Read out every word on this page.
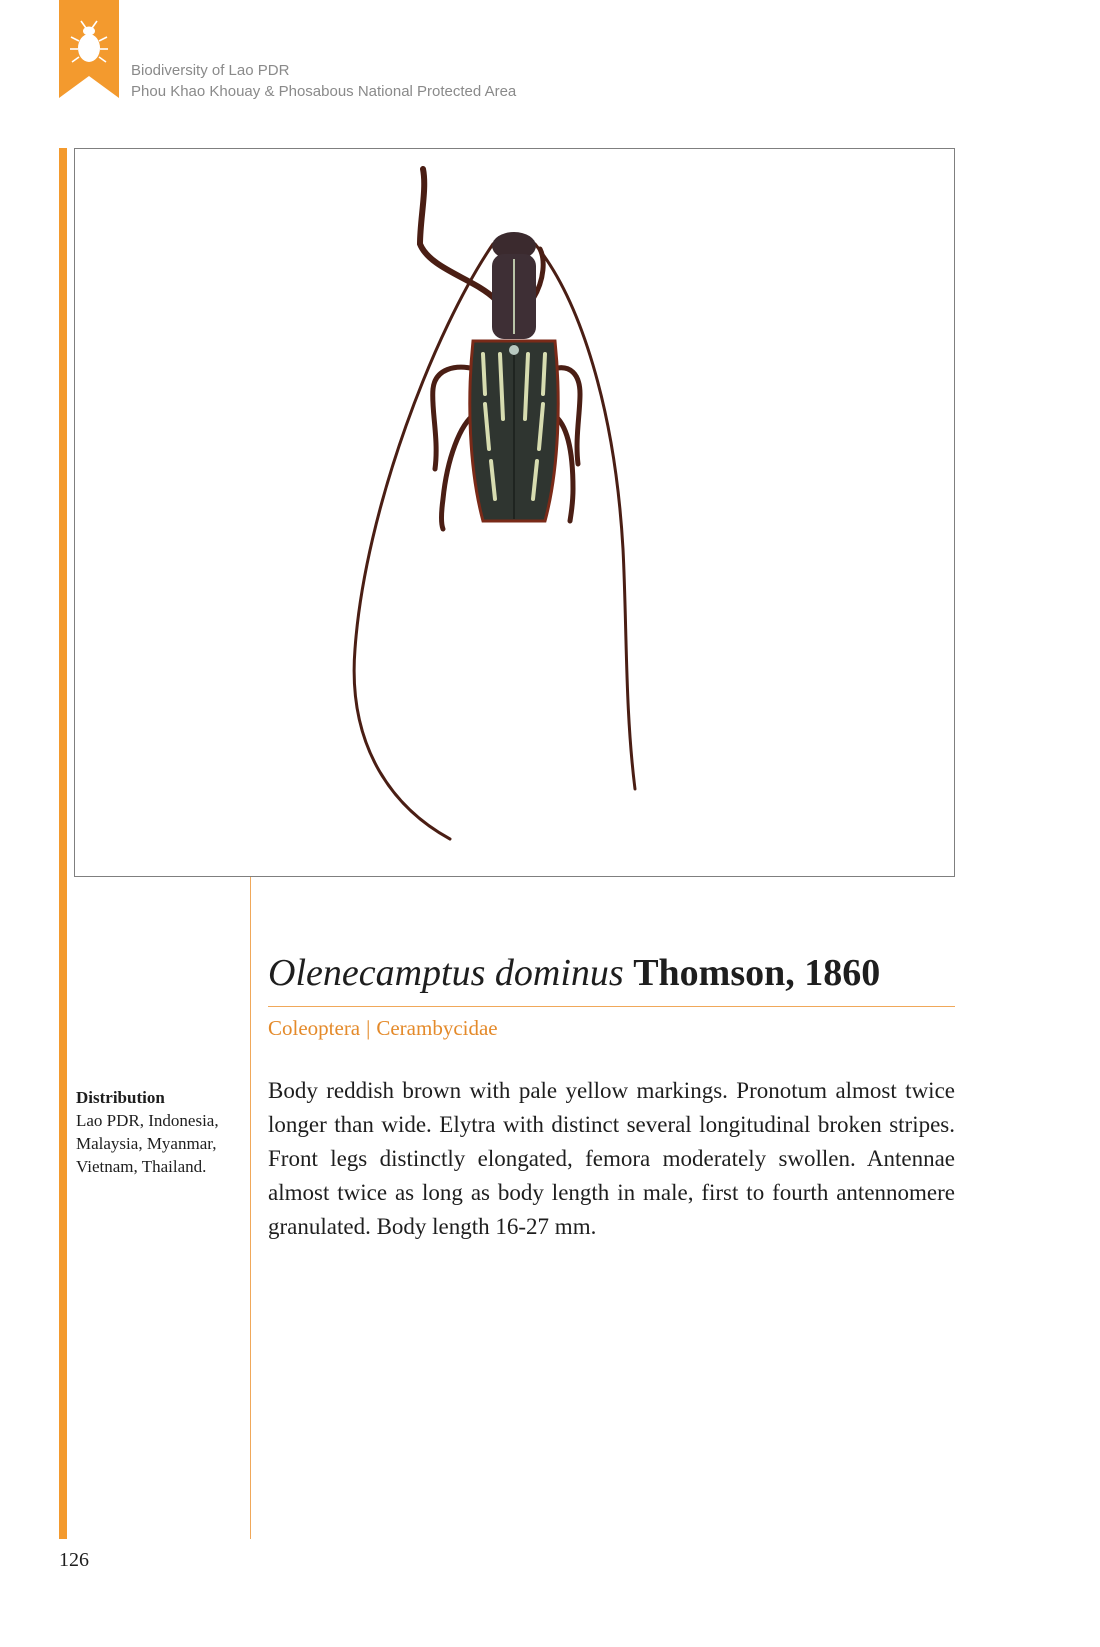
Biodiversity of Lao PDR
Phou Khao Khouay & Phosabous National Protected Area
Olenecamptus dominus Thomson, 1860
Coleoptera | Cerambycidae
Distribution
Lao PDR, Indonesia, Malaysia, Myanmar, Vietnam, Thailand.
Body reddish brown with pale yellow markings. Pronotum almost twice longer than wide. Elytra with distinct several longitudinal broken stripes. Front legs distinctly elongated, femora moderately swollen. Antennae almost twice as long as body length in male, first to fourth antennomere granulated. Body length 16-27 mm.
126
